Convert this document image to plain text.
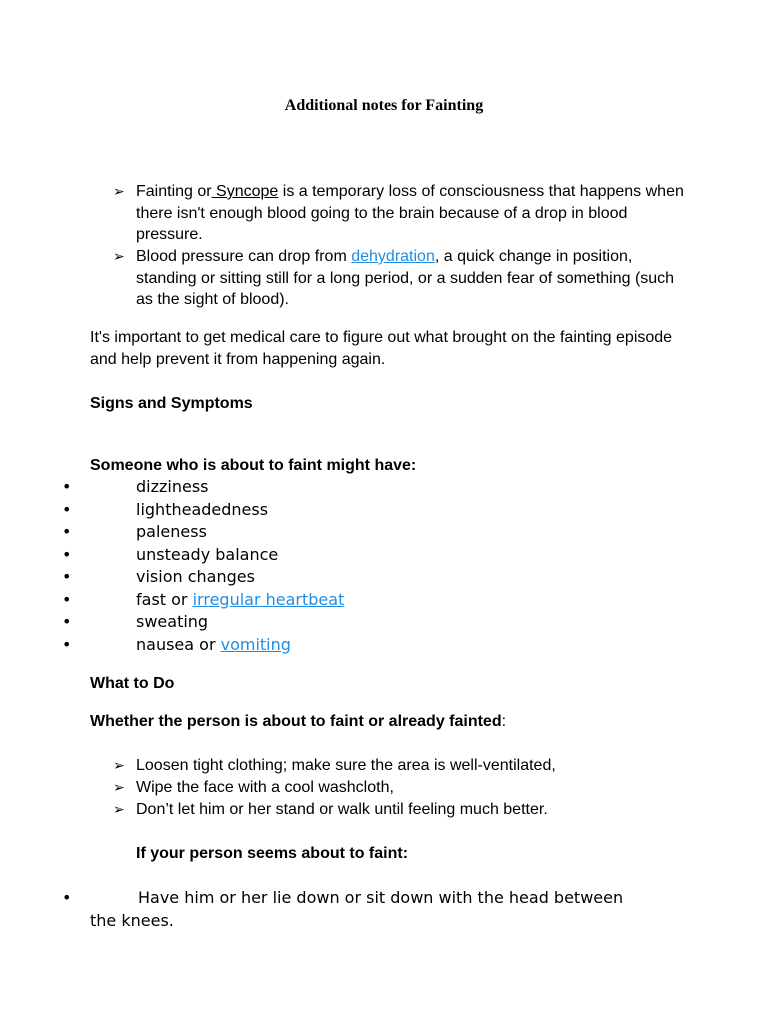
Additional notes for Fainting
➢ Fainting or Syncope is a temporary loss of consciousness that happens when there isn't enough blood going to the brain because of a drop in blood pressure.
➢ Blood pressure can drop from dehydration, a quick change in position, standing or sitting still for a long period, or a sudden fear of something (such as the sight of blood).
It's important to get medical care to figure out what brought on the fainting episode and help prevent it from happening again.
Signs and Symptoms
Someone who is about to faint might have:
•	dizziness
•	lightheadedness
•	paleness
•	unsteady balance
•	vision changes
•	fast or irregular heartbeat
•	sweating
•	nausea or vomiting
What to Do
Whether the person is about to faint or already fainted:
➢ Loosen tight clothing; make sure the area is well-ventilated,
➢ Wipe the face with a cool washcloth,
➢ Don’t let him or her stand or walk until feeling much better.
If your person seems about to faint:
•	Have him or her lie down or sit down with the head between
the knees.
